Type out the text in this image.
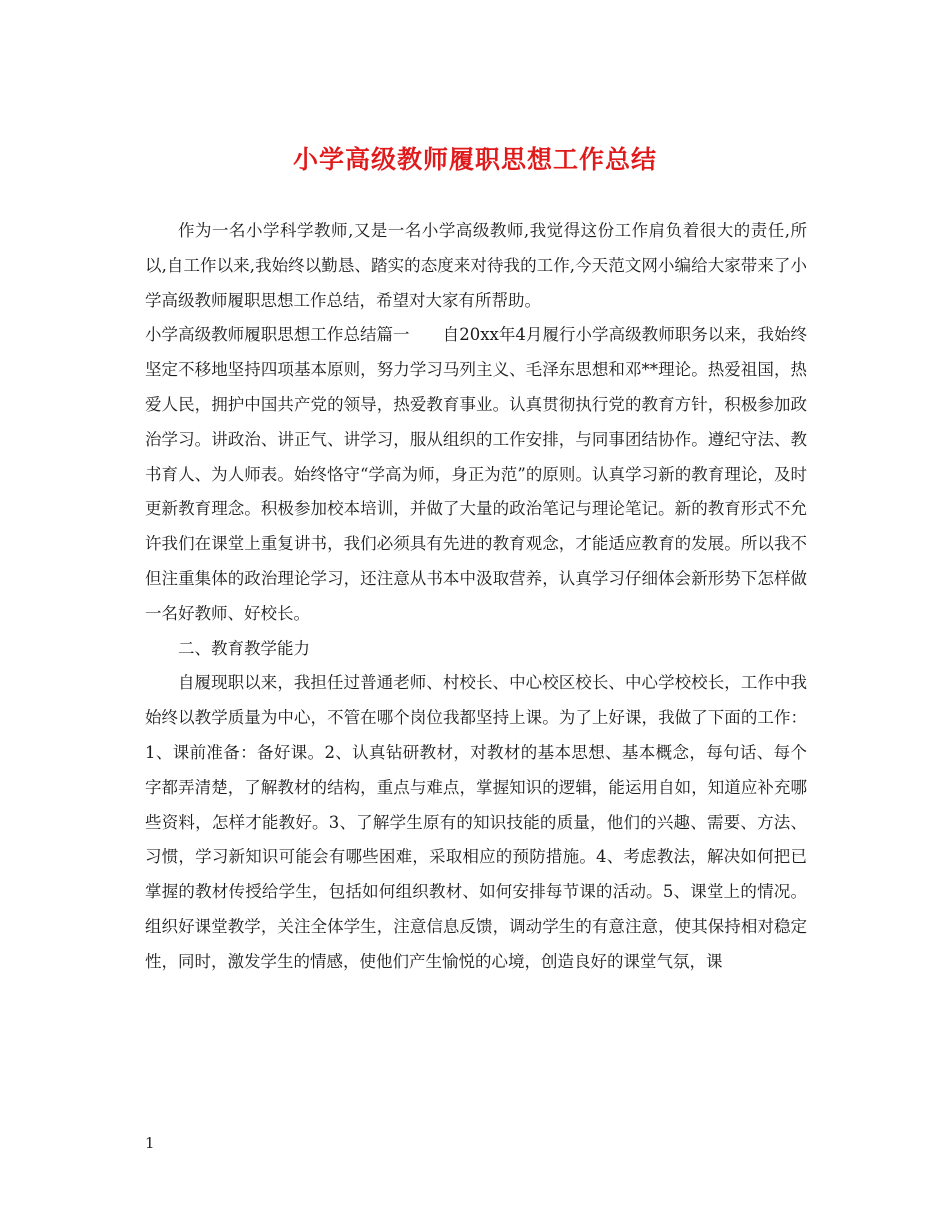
小学高级教师履职思想工作总结

作为一名小学科学教师,又是一名小学高级教师,我觉得这份工作肩负着很大的责任,所以,自工作以来,我始终以勤恳、踏实的态度来对待我的工作,今天范文网小编给大家带来了小学高级教师履职思想工作总结，希望对大家有所帮助。

小学高级教师履职思想工作总结篇一　　自20xx年4月履行小学高级教师职务以来，我始终坚定不移地坚持四项基本原则，努力学习马列主义、毛泽东思想和邓**理论。热爱祖国，热爱人民，拥护中国共产党的领导，热爱教育事业。认真贯彻执行党的教育方针，积极参加政治学习。讲政治、讲正气、讲学习，服从组织的工作安排，与同事团结协作。遵纪守法、教书育人、为人师表。始终恪守“学高为师，身正为范”的原则。认真学习新的教育理论，及时更新教育理念。积极参加校本培训，并做了大量的政治笔记与理论笔记。新的教育形式不允许我们在课堂上重复讲书，我们必须具有先进的教育观念，才能适应教育的发展。所以我不但注重集体的政治理论学习，还注意从书本中汲取营养，认真学习仔细体会新形势下怎样做一名好教师、好校长。

二、教育教学能力

自履现职以来，我担任过普通老师、村校长、中心校区校长、中心学校校长，工作中我始终以教学质量为中心，不管在哪个岗位我都坚持上课。为了上好课，我做了下面的工作：1、课前准备：备好课。2、认真钻研教材，对教材的基本思想、基本概念，每句话、每个字都弄清楚，了解教材的结构，重点与难点，掌握知识的逻辑，能运用自如，知道应补充哪些资料，怎样才能教好。3、了解学生原有的知识技能的质量，他们的兴趣、需要、方法、习惯，学习新知识可能会有哪些困难，采取相应的预防措施。4、考虑教法，解决如何把已掌握的教材传授给学生，包括如何组织教材、如何安排每节课的活动。5、课堂上的情况。组织好课堂教学，关注全体学生，注意信息反馈，调动学生的有意注意，使其保持相对稳定性，同时，激发学生的情感，使他们产生愉悦的心境，创造良好的课堂气氛，课

1
